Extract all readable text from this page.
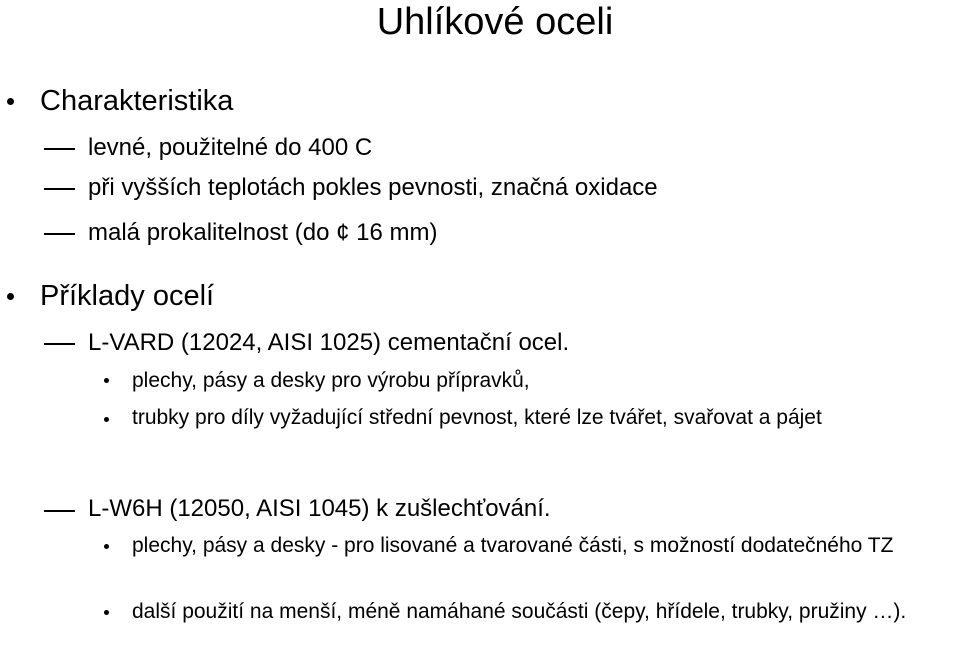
Uhlíkové oceli
Charakteristika
levné, použitelné do 400 C
při vyšších teplotách pokles pevnosti, značná oxidace
malá prokalitelnost (do ¢ 16 mm)
Příklady ocelí
L-VARD (12024, AISI 1025) cementační ocel.
plechy, pásy a desky pro výrobu přípravků,
trubky pro díly vyžadující střední pevnost, které lze tvářet, svařovat a pájet
L-W6H (12050, AISI 1045) k zušlechťování.
plechy, pásy a desky - pro lisované a tvarované části, s možností dodatečného TZ
další použití na menší, méně namáhané součásti (čepy, hřídele, trubky, pružiny …).
